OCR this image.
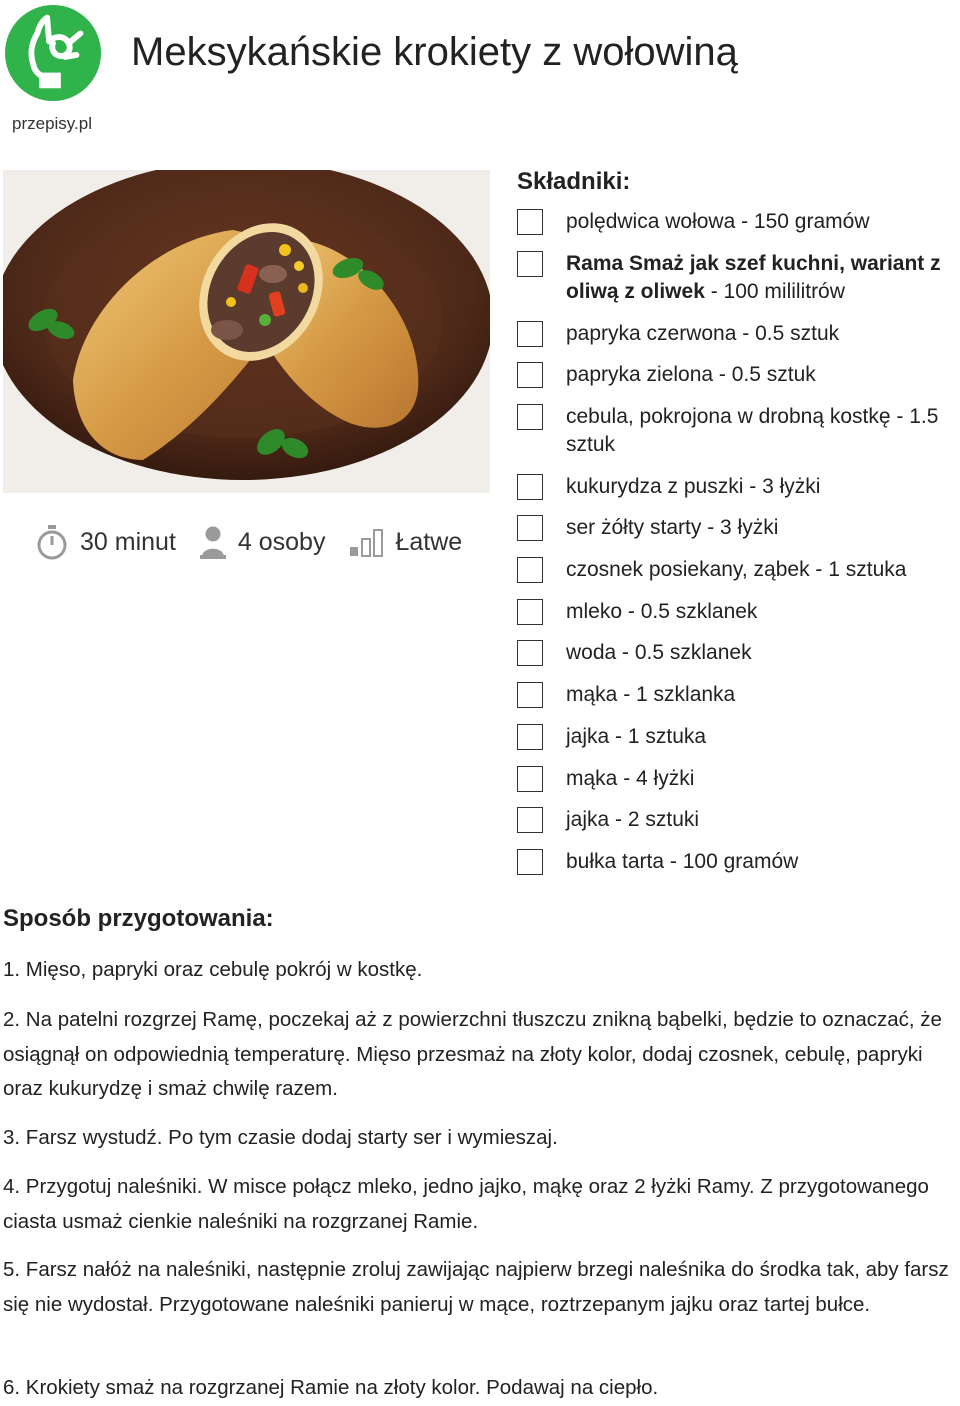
przepisy.pl
Meksykańskie krokiety z wołowiną
30 minut 4 osoby	Łatwe
Składniki:
polędwica wołowa - 150 gramów
Rama Smaż jak szef kuchni, wariant z oliwą z oliwek - 100 mililitrów
papryka czerwona - 0.5 sztuk
papryka zielona - 0.5 sztuk
cebula, pokrojona w drobną kostkę - 1.5 sztuk
kukurydza z puszki - 3 łyżki
ser żółty starty - 3 łyżki
czosnek posiekany, ząbek - 1 sztuka
mleko - 0.5 szklanek
woda - 0.5 szklanek
mąka - 1 szklanka
jajka - 1 sztuka
mąka - 4 łyżki
jajka - 2 sztuki
bułka tarta - 100 gramów
Sposób przygotowania:

1. Mięso, papryki oraz cebulę pokrój w kostkę.

2. Na patelni rozgrzej Ramę, poczekaj aż z powierzchni tłuszczu znikną bąbelki, będzie to oznaczać, że osiągnął on odpowiednią temperaturę. Mięso przesmaż na złoty kolor, dodaj czosnek, cebulę, papryki oraz kukurydzę i smaż chwilę razem.

3. Farsz wystudź. Po tym czasie dodaj starty ser i wymieszaj.

4. Przygotuj naleśniki. W misce połącz mleko, jedno jajko, mąkę oraz 2 łyżki Ramy. Z przygotowanego ciasta usmaż cienkie naleśniki na rozgrzanej Ramie.

5. Farsz nałóż na naleśniki, następnie zroluj zawijając najpierw brzegi naleśnika do środka tak, aby farsz się nie wydostał. Przygotowane naleśniki panieruj w mące, roztrzepanym jajku oraz tartej bułce.

6. Krokiety smaż na rozgrzanej Ramie na złoty kolor. Podawaj na ciepło.
